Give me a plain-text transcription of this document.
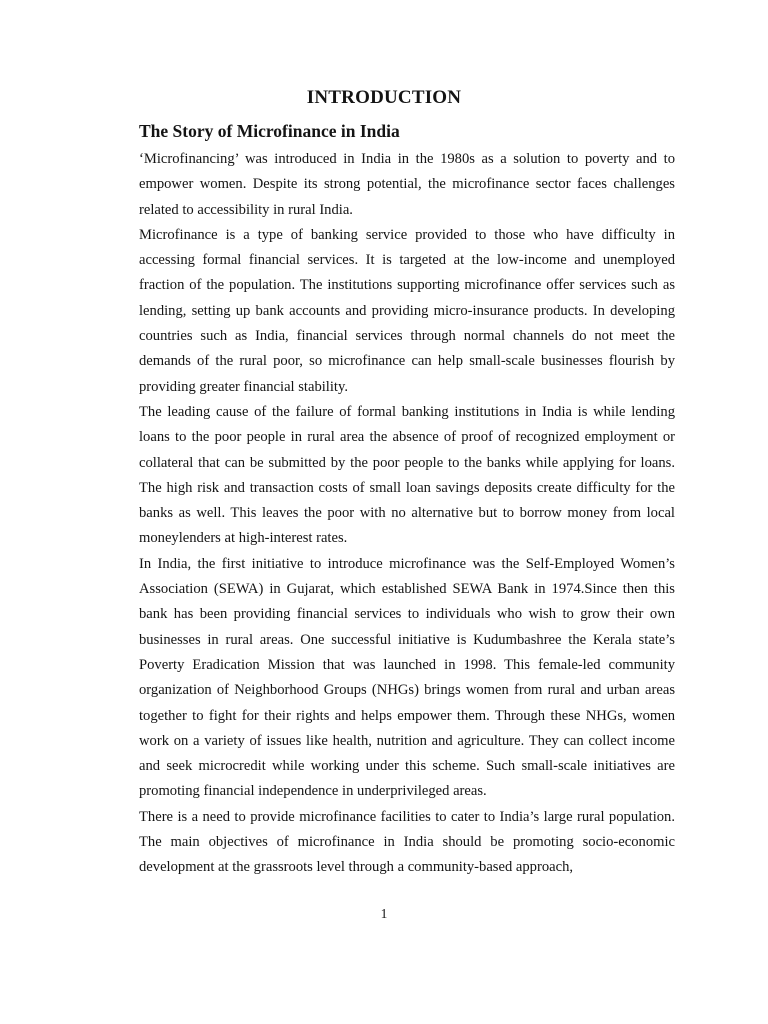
INTRODUCTION
The Story of Microfinance in India

‘Microfinancing’ was introduced in India in the 1980s as a solution to poverty and to empower women. Despite its strong potential, the microfinance sector faces challenges related to accessibility in rural India.

Microfinance is a type of banking service provided to those who have difficulty in accessing formal financial services. It is targeted at the low-income and unemployed fraction of the population. The institutions supporting microfinance offer services such as lending, setting up bank accounts and providing micro-insurance products. In developing countries such as India, financial services through normal channels do not meet the demands of the rural poor, so microfinance can help small-scale businesses flourish by providing greater financial stability.

The leading cause of the failure of formal banking institutions in India is while lending loans to the poor people in rural area the absence of proof of recognized employment or collateral that can be submitted by the poor people to the banks while applying for loans. The high risk and transaction costs of small loan savings deposits create difficulty for the banks as well. This leaves the poor with no alternative but to borrow money from local moneylenders at high-interest rates.

In India, the first initiative to introduce microfinance was the Self-Employed Women’s Association (SEWA) in Gujarat, which established SEWA Bank in 1974.Since then this bank has been providing financial services to individuals who wish to grow their own businesses in rural areas. One successful initiative is Kudumbashree the Kerala state’s Poverty Eradication Mission that was launched in 1998. This female-led community organization of Neighborhood Groups (NHGs) brings women from rural and urban areas together to fight for their rights and helps empower them. Through these NHGs, women work on a variety of issues like health, nutrition and agriculture. They can collect income and seek microcredit while working under this scheme. Such small-scale initiatives are promoting financial independence in underprivileged areas.

There is a need to provide microfinance facilities to cater to India’s large rural population. The main objectives of microfinance in India should be promoting socio-economic development at the grassroots level through a community-based approach,

1
